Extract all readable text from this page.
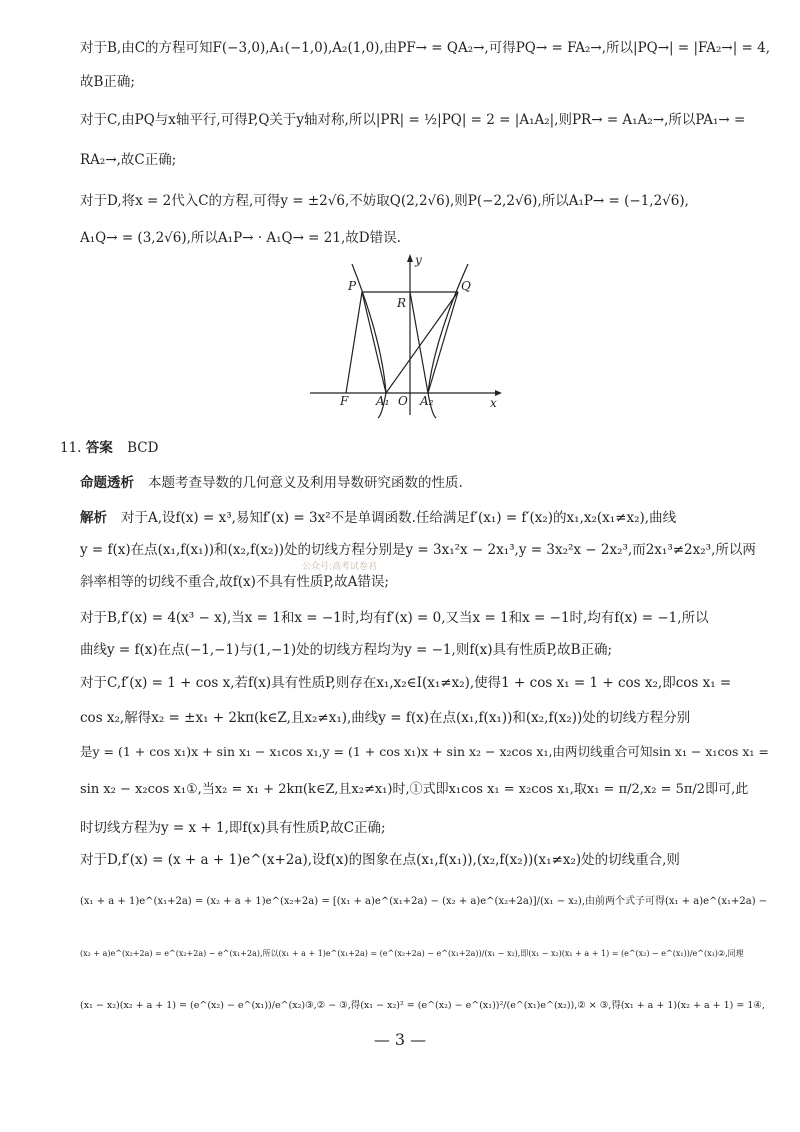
对于B,由C的方程可知F(−3,0),A₁(−1,0),A₂(1,0),由PF→ = QA₂→,可得PQ→ = FA₂→,所以|PQ→| = |FA₂→| = 4,
故B正确;
对于C,由PQ与x轴平行,可得P,Q关于y轴对称,所以|PR| = ½|PQ| = 2 = |A₁A₂|,则PR→ = A₁A₂→,所以PA₁→ =
RA₂→,故C正确;
对于D,将x = 2代入C的方程,可得y = ±2√6,不妨取Q(2,2√6),则P(−2,2√6),所以A₁P→ = (−1,2√6),
A₁Q→ = (3,2√6),所以A₁P→ · A₁Q→ = 21,故D错误.
P	Q
R
F A₁ O A₂	x
y
11. 答案 BCD
命题透析 本题考查导数的几何意义及利用导数研究函数的性质.
解析 对于A,设f(x) = x³,易知f′(x) = 3x²不是单调函数.任给满足f′(x₁) = f′(x₂)的x₁,x₂(x₁≠x₂),曲线
y = f(x)在点(x₁,f(x₁))和(x₂,f(x₂))处的切线方程分别是y = 3x₁²x − 2x₁³,y = 3x₂²x − 2x₂³,而2x₁³≠2x₂³,所以两
斜率相等的切线不重合,故f(x)不具有性质P,故A错误;
对于B,f′(x) = 4(x³ − x),当x = 1和x = −1时,均有f′(x) = 0,又当x = 1和x = −1时,均有f(x) = −1,所以
曲线y = f(x)在点(−1,−1)与(1,−1)处的切线方程均为y = −1,则f(x)具有性质P,故B正确;
对于C,f′(x) = 1 + cos x,若f(x)具有性质P,则存在x₁,x₂∈I(x₁≠x₂),使得1 + cos x₁ = 1 + cos x₂,即cos x₁ =
cos x₂,解得x₂ = ±x₁ + 2kπ(k∈Z,且x₂≠x₁),曲线y = f(x)在点(x₁,f(x₁))和(x₂,f(x₂))处的切线方程分别
是y = (1 + cos x₁)x + sin x₁ − x₁cos x₁,y = (1 + cos x₁)x + sin x₂ − x₂cos x₁,由两切线重合可知sin x₁ − x₁cos x₁ =
sin x₂ − x₂cos x₁①,当x₂ = x₁ + 2kπ(k∈Z,且x₂≠x₁)时,①式即x₁cos x₁ = x₂cos x₁,取x₁ = π/2,x₂ = 5π/2即可,此
时切线方程为y = x + 1,即f(x)具有性质P,故C正确;
对于D,f′(x) = (x + a + 1)e^(x+2a),设f(x)的图象在点(x₁,f(x₁)),(x₂,f(x₂))(x₁≠x₂)处的切线重合,则
(x₁ + a + 1)e^(x₁+2a) = (x₂ + a + 1)e^(x₂+2a) = [(x₁ + a)e^(x₁+2a) − (x₂ + a)e^(x₂+2a)]/(x₁ − x₂),由前两个式子可得(x₁ + a)e^(x₁+2a) −
(x₂ + a)e^(x₂+2a) = e^(x₂+2a) − e^(x₁+2a),所以(x₁ + a + 1)e^(x₁+2a) = (e^(x₂+2a) − e^(x₁+2a))/(x₁ − x₂),即(x₁ − x₂)(x₁ + a + 1) = (e^(x₂) − e^(x₁))/e^(x₁)②,同理
(x₁ − x₂)(x₂ + a + 1) = (e^(x₂) − e^(x₁))/e^(x₂)③,② − ③,得(x₁ − x₂)² = (e^(x₂) − e^(x₁))²/(e^(x₁)e^(x₂)),② × ③,得(x₁ + a + 1)(x₂ + a + 1) = 1④,
公众号:高考试卷君
— 3 —
